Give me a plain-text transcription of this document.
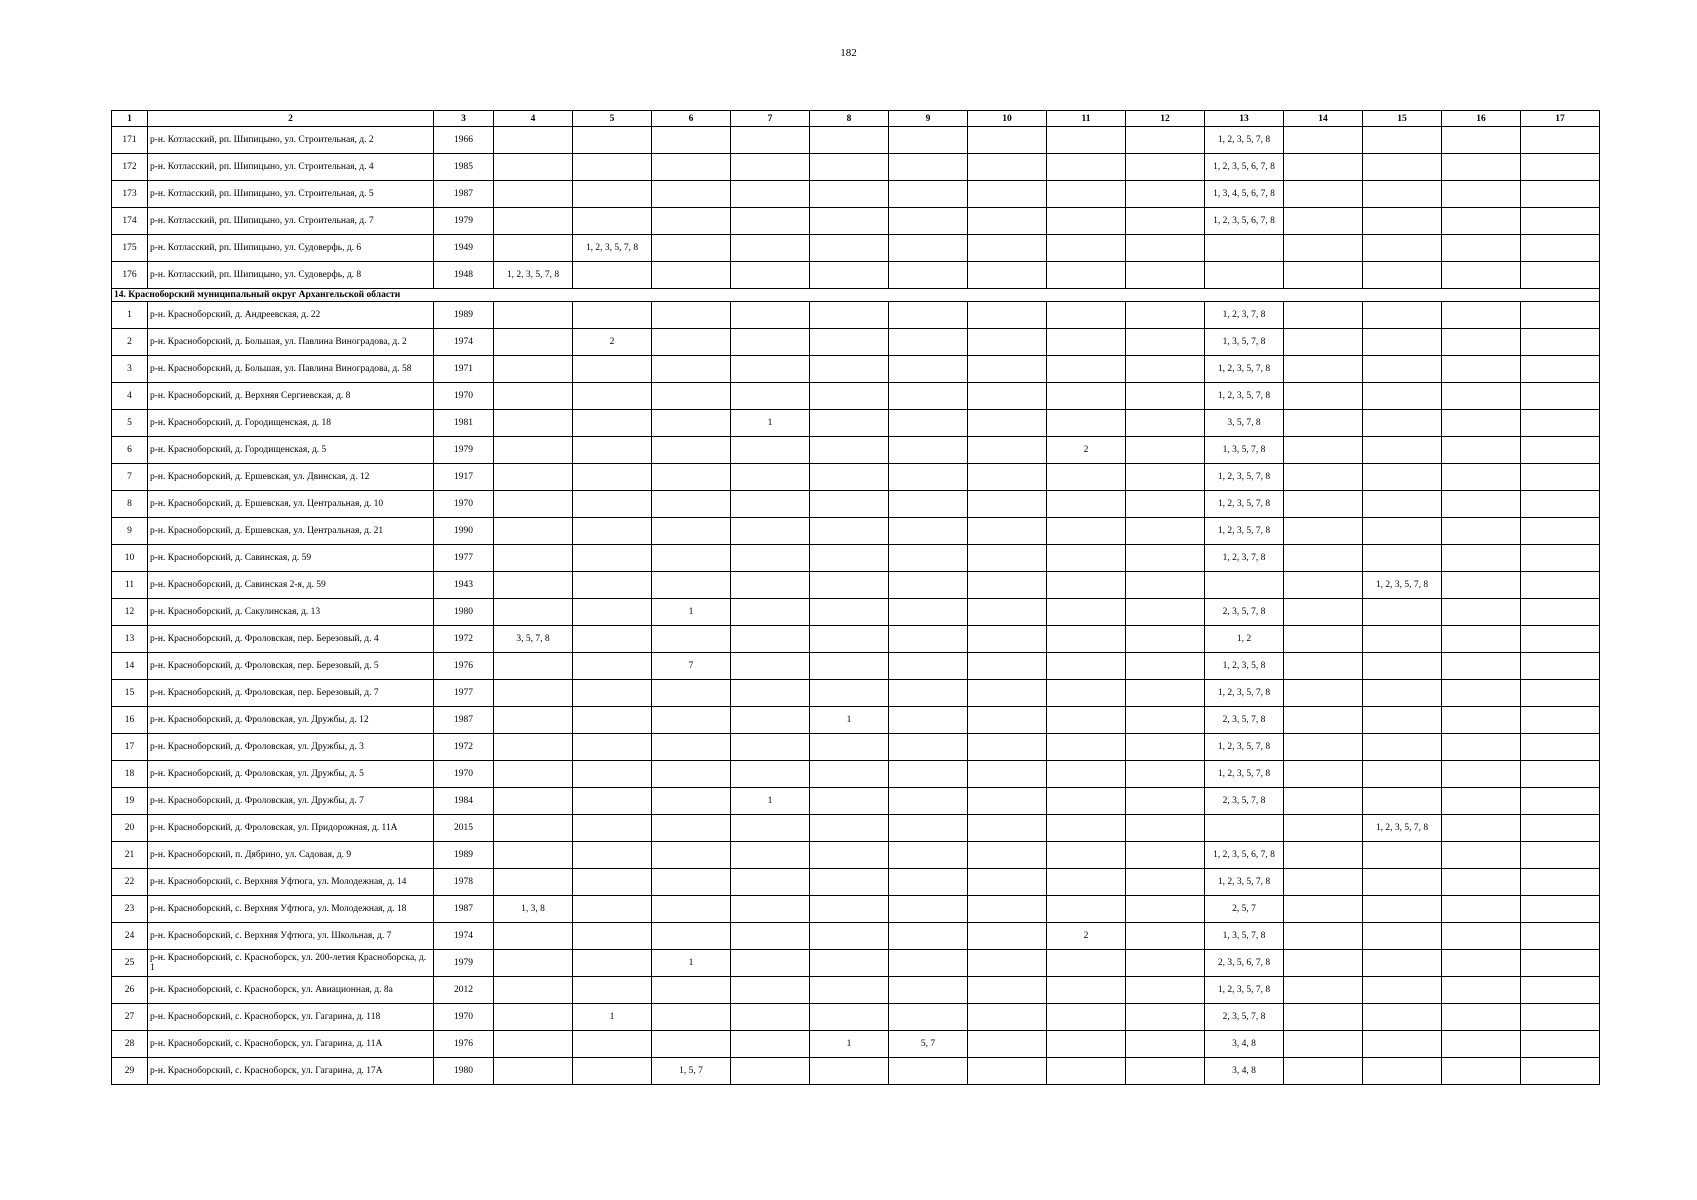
182
1	2	3	4	5	6	7	8	9	10	11	12	13	14	15	16	17
171	р-н. Котласский, рп. Шипицыно, ул. Строительная, д. 2	1966										1, 2, 3, 5, 7, 8				
172	р-н. Котласский, рп. Шипицыно, ул. Строительная, д. 4	1985										1, 2, 3, 5, 6, 7, 8				
173	р-н. Котласский, рп. Шипицыно, ул. Строительная, д. 5	1987										1, 3, 4, 5, 6, 7, 8				
174	р-н. Котласский, рп. Шипицыно, ул. Строительная, д. 7	1979										1, 2, 3, 5, 6, 7, 8				
175	р-н. Котласский, рп. Шипицыно, ул. Судоверфь, д. 6	1949		1, 2, 3, 5, 7, 8												
176	р-н. Котласский, рп. Шипицыно, ул. Судоверфь, д. 8	1948	1, 2, 3, 5, 7, 8													
14. Красноборский муниципальный округ Архангельской области																
1	р-н. Красноборский, д. Андреевская, д. 22	1989										1, 2, 3, 7, 8				
2	р-н. Красноборский, д. Большая, ул. Павлина Виноградова, д. 2	1974		2								1, 3, 5, 7, 8				
3	р-н. Красноборский, д. Большая, ул. Павлина Виноградова, д. 58	1971										1, 2, 3, 5, 7, 8				
4	р-н. Красноборский, д. Верхняя Сергиевская, д. 8	1970										1, 2, 3, 5, 7, 8				
5	р-н. Красноборский, д. Городищенская, д. 18	1981				1						3, 5, 7, 8				
6	р-н. Красноборский, д. Городищенская, д. 5	1979								2		1, 3, 5, 7, 8				
7	р-н. Красноборский, д. Ершевская, ул. Двинская, д. 12	1917										1, 2, 3, 5, 7, 8				
8	р-н. Красноборский, д. Ершевская, ул. Центральная, д. 10	1970										1, 2, 3, 5, 7, 8				
9	р-н. Красноборский, д. Ершевская, ул. Центральная, д. 21	1990										1, 2, 3, 5, 7, 8				
10	р-н. Красноборский, д. Савинская, д. 59	1977										1, 2, 3, 7, 8				
11	р-н. Красноборский, д. Савинская 2-я, д. 59	1943												1, 2, 3, 5, 7, 8		
12	р-н. Красноборский, д. Сакулинская, д. 13	1980			1							2, 3, 5, 7, 8				
13	р-н. Красноборский, д. Фроловская, пер. Березовый, д. 4	1972	3, 5, 7, 8									1, 2				
14	р-н. Красноборский, д. Фроловская, пер. Березовый, д. 5	1976			7							1, 2, 3, 5, 8				
15	р-н. Красноборский, д. Фроловская, пер. Березовый, д. 7	1977										1, 2, 3, 5, 7, 8				
16	р-н. Красноборский, д. Фроловская, ул. Дружбы, д. 12	1987					1					2, 3, 5, 7, 8				
17	р-н. Красноборский, д. Фроловская, ул. Дружбы, д. 3	1972										1, 2, 3, 5, 7, 8				
18	р-н. Красноборский, д. Фроловская, ул. Дружбы, д. 5	1970										1, 2, 3, 5, 7, 8				
19	р-н. Красноборский, д. Фроловская, ул. Дружбы, д. 7	1984				1						2, 3, 5, 7, 8				
20	р-н. Красноборский, д. Фроловская, ул. Придорожная, д. 11А	2015												1, 2, 3, 5, 7, 8		
21	р-н. Красноборский, п. Дябрино, ул. Садовая, д. 9	1989										1, 2, 3, 5, 6, 7, 8				
22	р-н. Красноборский, с. Верхняя Уфтюга, ул. Молодежная, д. 14	1978										1, 2, 3, 5, 7, 8				
23	р-н. Красноборский, с. Верхняя Уфтюга, ул. Молодежная, д. 18	1987	1, 3, 8									2, 5, 7				
24	р-н. Красноборский, с. Верхняя Уфтюга, ул. Школьная, д. 7	1974								2		1, 3, 5, 7, 8				
25	р-н. Красноборский, с. Красноборск, ул. 200-летия Красноборска, д. 1	1979			1							2, 3, 5, 6, 7, 8				
26	р-н. Красноборский, с. Красноборск, ул. Авиационная, д. 8а	2012										1, 2, 3, 5, 7, 8				
27	р-н. Красноборский, с. Красноборск, ул. Гагарина, д. 118	1970		1								2, 3, 5, 7, 8				
28	р-н. Красноборский, с. Красноборск, ул. Гагарина, д. 11А	1976					1	5, 7				3, 4, 8				
29	р-н. Красноборский, с. Красноборск, ул. Гагарина, д. 17А	1980			1, 5, 7							3, 4, 8				
